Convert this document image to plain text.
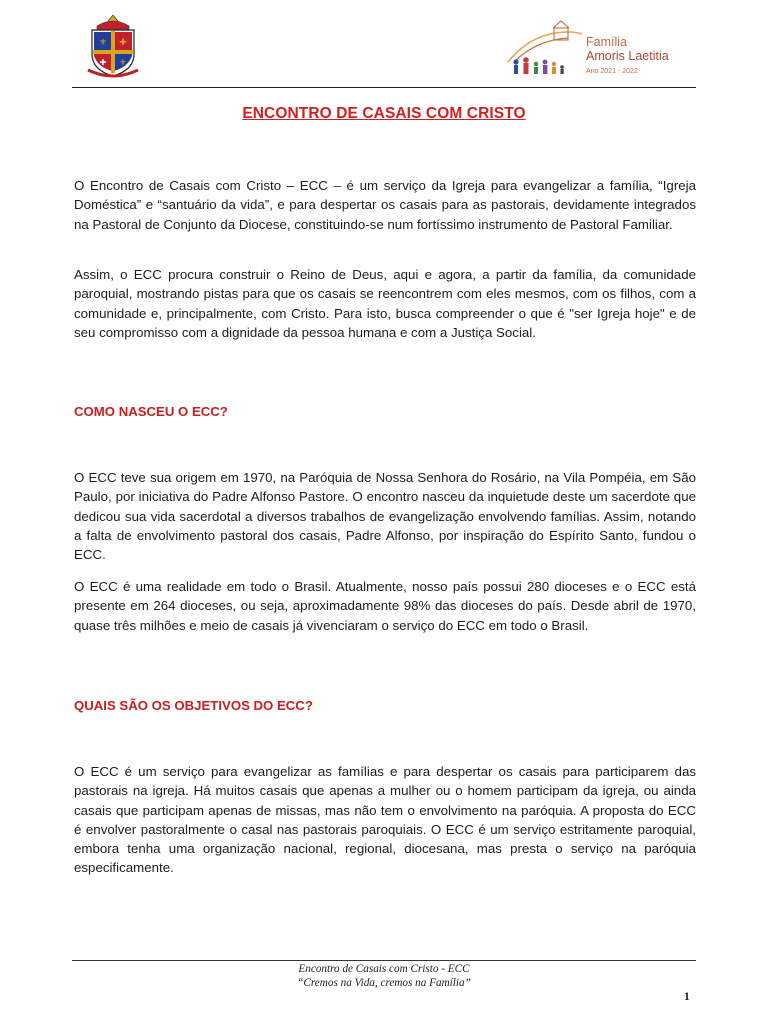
⚜ ✚
✚ ⚜
Família
Amoris Laetitia
Ano 2021 - 2022
ENCONTRO DE CASAIS COM CRISTO

O Encontro de Casais com Cristo – ECC – é um serviço da Igreja para evangelizar a família, “Igreja Doméstica” e “santuário da vida”, e para despertar os casais para as pastorais, devidamente integrados na Pastoral de Conjunto da Diocese, constituindo-se num fortíssimo instrumento de Pastoral Familiar.

Assim, o ECC procura construir o Reino de Deus, aqui e agora, a partir da família, da comunidade paroquial, mostrando pistas para que os casais se reencontrem com eles mesmos, com os filhos, com a comunidade e, principalmente, com Cristo. Para isto, busca compreender o que é "ser Igreja hoje" e de seu compromisso com a dignidade da pessoa humana e com a Justiça Social.

COMO NASCEU O ECC?

O ECC teve sua origem em 1970, na Paróquia de Nossa Senhora do Rosário, na Vila Pompéia, em São Paulo, por iniciativa do Padre Alfonso Pastore. O encontro nasceu da inquietude deste um sacerdote que dedicou sua vida sacerdotal a diversos trabalhos de evangelização envolvendo famílias. Assim, notando a falta de envolvimento pastoral dos casais, Padre Alfonso, por inspiração do Espírito Santo, fundou o ECC.

O ECC é uma realidade em todo o Brasil. Atualmente, nosso país possui 280 dioceses e o ECC está presente em 264 dioceses, ou seja, aproximadamente 98% das dioceses do país. Desde abril de 1970, quase três milhões e meio de casais já vivenciaram o serviço do ECC em todo o Brasil.

QUAIS SÃO OS OBJETIVOS DO ECC?

O ECC é um serviço para evangelizar as famílias e para despertar os casais para participarem das pastorais na igreja. Há muitos casais que apenas a mulher ou o homem participam da igreja, ou ainda casais que participam apenas de missas, mas não tem o envolvimento na paróquia. A proposta do ECC é envolver pastoralmente o casal nas pastorais paroquiais. O ECC é um serviço estritamente paroquial, embora tenha uma organização nacional, regional, diocesana, mas presta o serviço na paróquia especificamente.

Encontro de Casais com Cristo - ECC
“Cremos na Vida, cremos na Família”
1
